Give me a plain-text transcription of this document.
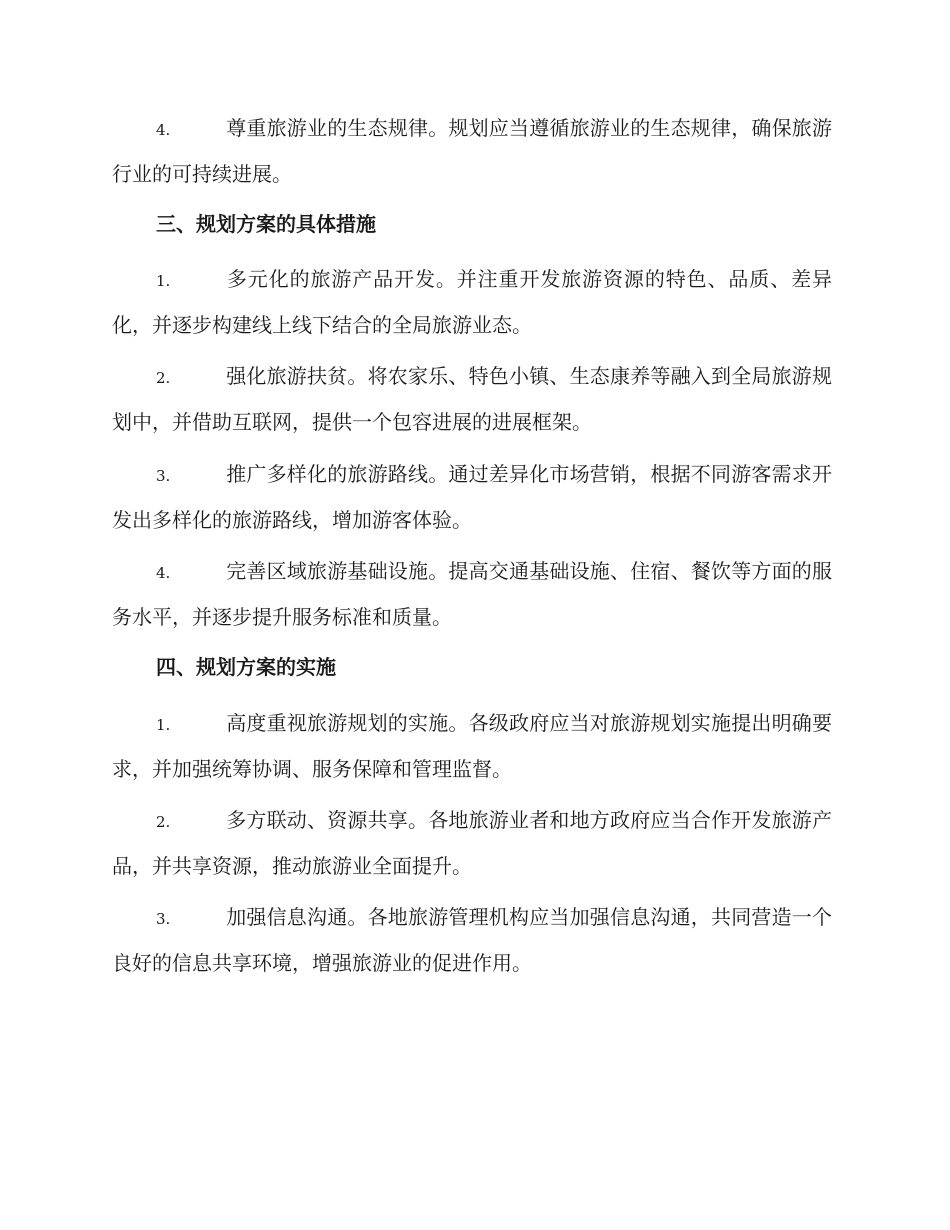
4.	尊重旅游业的生态规律。规划应当遵循旅游业的生态规律，确保旅游行业的可持续进展。

三、规划方案的具体措施

1.	多元化的旅游产品开发。并注重开发旅游资源的特色、品质、差异化，并逐步构建线上线下结合的全局旅游业态。

2.	强化旅游扶贫。将农家乐、特色小镇、生态康养等融入到全局旅游规划中，并借助互联网，提供一个包容进展的进展框架。

3.	推广多样化的旅游路线。通过差异化市场营销，根据不同游客需求开发出多样化的旅游路线，增加游客体验。

4.	完善区域旅游基础设施。提高交通基础设施、住宿、餐饮等方面的服务水平，并逐步提升服务标准和质量。

四、规划方案的实施

1.	高度重视旅游规划的实施。各级政府应当对旅游规划实施提出明确要求，并加强统筹协调、服务保障和管理监督。

2.	多方联动、资源共享。各地旅游业者和地方政府应当合作开发旅游产品，并共享资源，推动旅游业全面提升。

3.	加强信息沟通。各地旅游管理机构应当加强信息沟通，共同营造一个良好的信息共享环境，增强旅游业的促进作用。
